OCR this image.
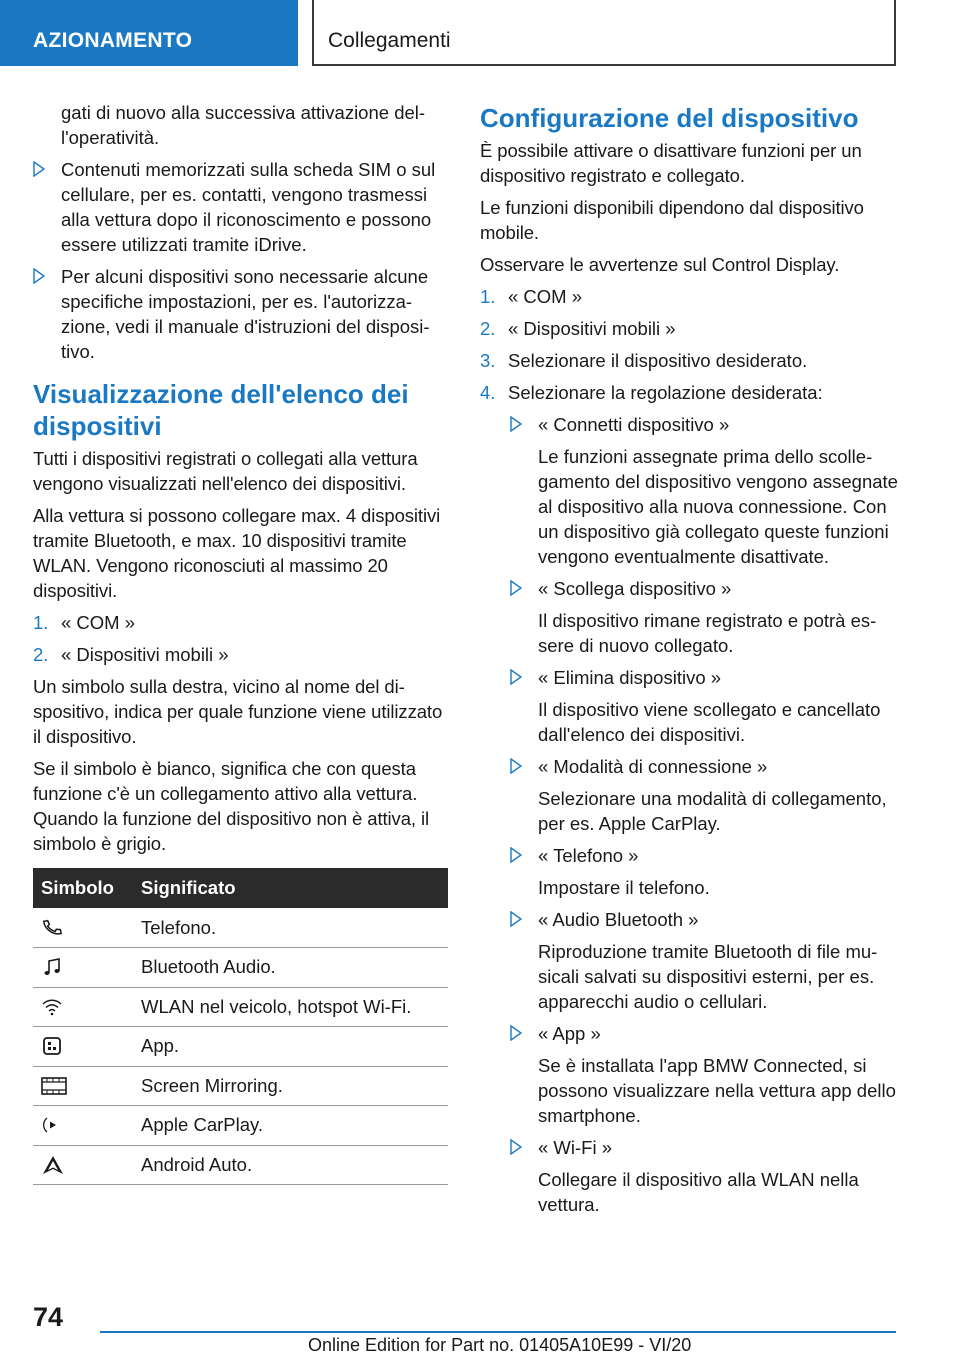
AZIONAMENTO	Collegamenti
gati di nuovo alla successiva attivazione dell'operatività.
Contenuti memorizzati sulla scheda SIM o sul cellulare, per es. contatti, vengono trasmessi alla vettura dopo il riconoscimento e possono essere utilizzati tramite iDrive.
Per alcuni dispositivi sono necessarie alcune specifiche impostazioni, per es. l'autorizzazione, vedi il manuale d'istruzioni del dispositivo.
Visualizzazione dell'elenco dei dispositivi

Tutti i dispositivi registrati o collegati alla vettura vengono visualizzati nell'elenco dei dispositivi.

Alla vettura si possono collegare max. 4 dispositivi tramite Bluetooth, e max. 10 dispositivi tramite WLAN. Vengono riconosciuti al massimo 20 dispositivi.

1. « COM »
2. « Dispositivi mobili »

Un simbolo sulla destra, vicino al nome del dispositivo, indica per quale funzione viene utilizzato il dispositivo.

Se il simbolo è bianco, significa che con questa funzione c'è un collegamento attivo alla vettura. Quando la funzione del dispositivo non è attiva, il simbolo è grigio.

Simbolo	Significato

	Telefono.

	Bluetooth Audio.

	WLAN nel veicolo, hotspot Wi-Fi.

	App.

	Screen Mirroring.

	Apple CarPlay.

	Android Auto.
Configurazione del dispositivo

È possibile attivare o disattivare funzioni per un dispositivo registrato e collegato.

Le funzioni disponibili dipendono dal dispositivo mobile.

Osservare le avvertenze sul Control Display.

1. « COM »
2. « Dispositivi mobili »
3. Selezionare il dispositivo desiderato.
4. Selezionare la regolazione desiderata:
« Connetti dispositivo »
Le funzioni assegnate prima dello scollegamento del dispositivo vengono assegnate al dispositivo alla nuova connessione. Con un dispositivo già collegato queste funzioni vengono eventualmente disattivate.
« Scollega dispositivo »
Il dispositivo rimane registrato e potrà essere di nuovo collegato.
« Elimina dispositivo »
Il dispositivo viene scollegato e cancellato dall'elenco dei dispositivi.
« Modalità di connessione »
Selezionare una modalità di collegamento, per es. Apple CarPlay.
« Telefono »
Impostare il telefono.
« Audio Bluetooth »
Riproduzione tramite Bluetooth di file musicali salvati su dispositivi esterni, per es. apparecchi audio o cellulari.
« App »
Se è installata l'app BMW Connected, si possono visualizzare nella vettura app dello smartphone.
« Wi-Fi »
Collegare il dispositivo alla WLAN nella vettura.
74
Online Edition for Part no. 01405A10E99 - VI/20
